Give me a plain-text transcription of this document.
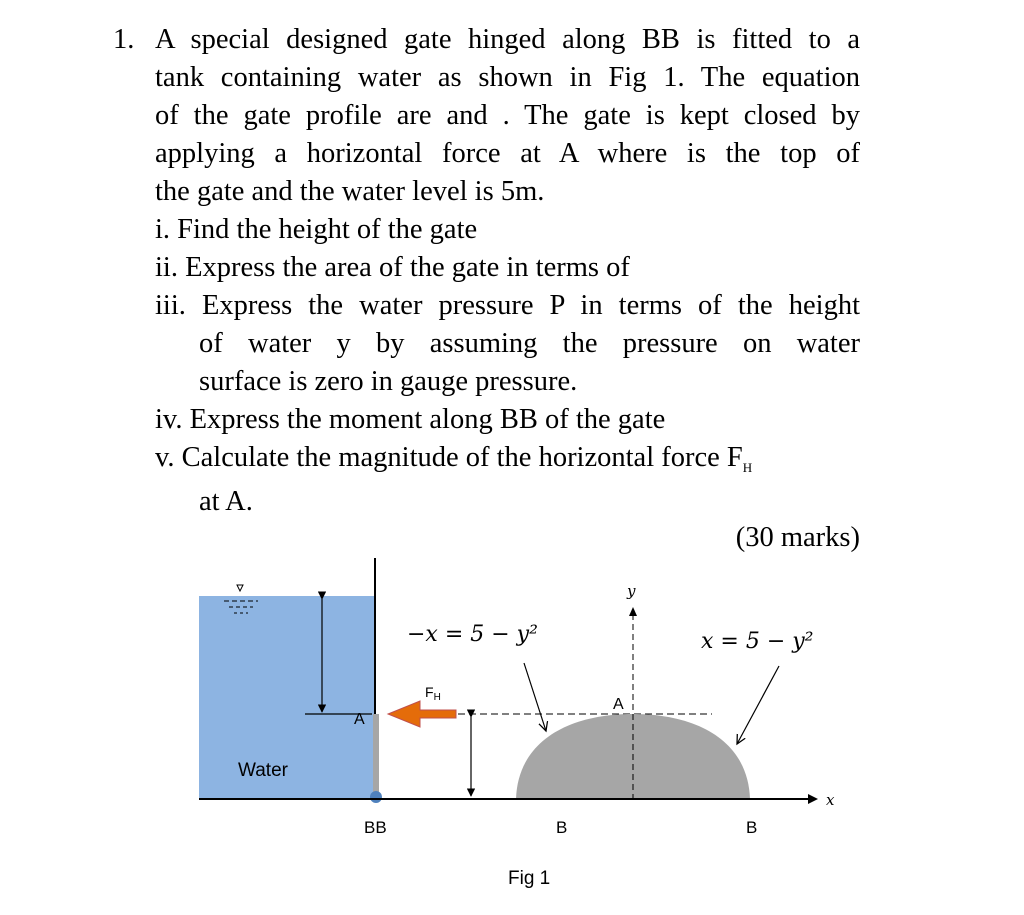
1. A special designed gate hinged along BB is fitted to a
tank containing water as shown in Fig 1. The equation
of the gate profile are and . The gate is kept closed by
applying a horizontal force at A where is the top of
the gate and the water level is 5m.
i. Find the height of the gate
ii. Express the area of the gate in terms of
iii. Express the water pressure P in terms of the height
of water y by assuming the pressure on water
surface is zero in gauge pressure.
iv. Express the moment along BB of the gate
v. Calculate the magnitude of the horizontal force $F_H$
at A.
(30 marks)
$F_H$
y
x
−x = 5 − y²	x = 5 − y²
Water
A
A
BB	B	B
Fig 1
